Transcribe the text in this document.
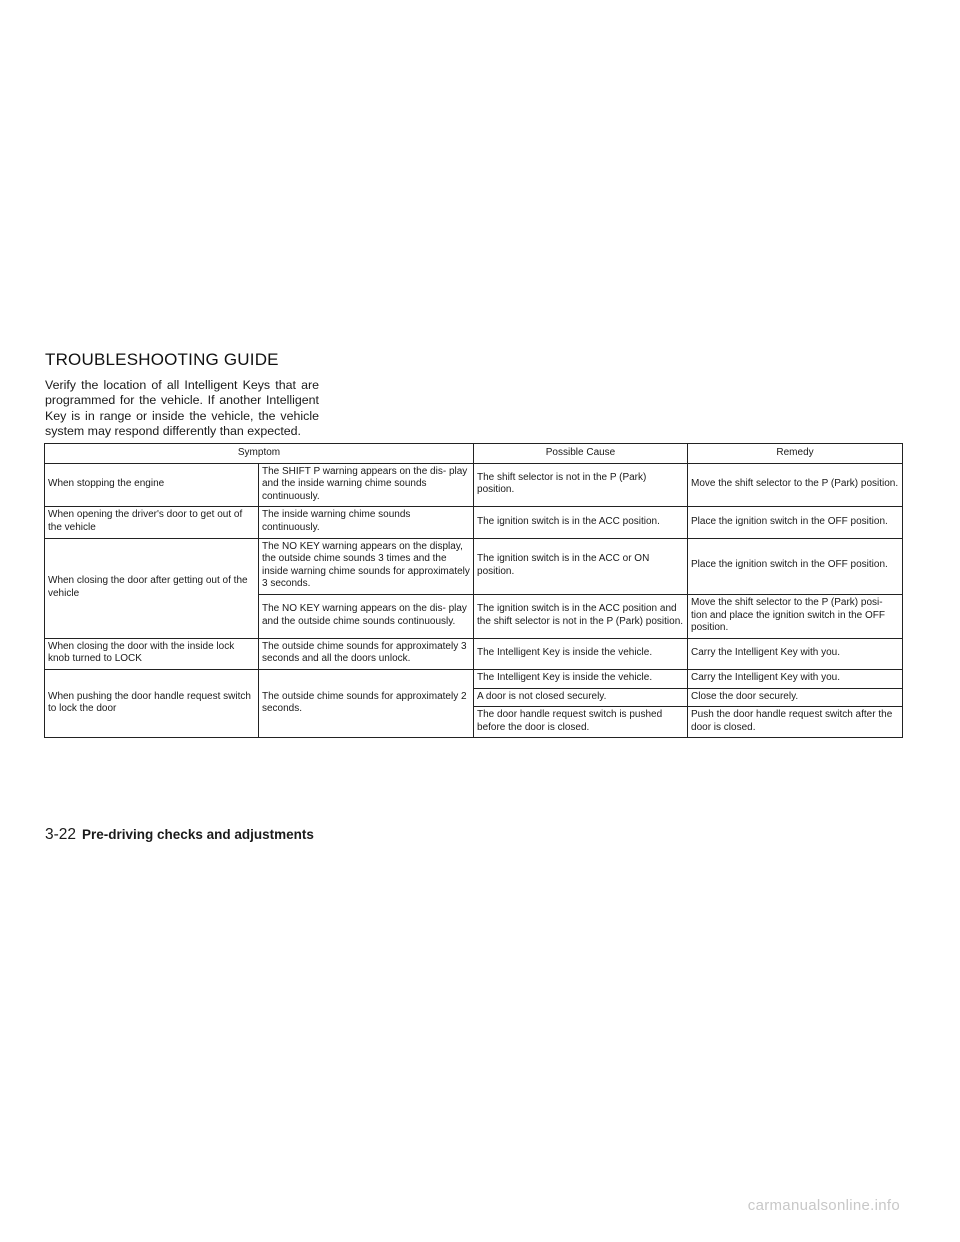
TROUBLESHOOTING GUIDE

Verify the location of all Intelligent Keys that are programmed for the vehicle. If another Intelligent Key is in range or inside the vehicle, the vehicle system may respond differently than expected.

Symptom		Possible Cause	Remedy
When stopping the engine	The SHIFT P warning appears on the dis- play and the inside warning chime sounds continuously.	The shift selector is not in the P (Park) position.	Move the shift selector to the P (Park) position.
When opening the driver's door to get out of the vehicle	The inside warning chime sounds continuously.	The ignition switch is in the ACC position.	Place the ignition switch in the OFF position.
When closing the door after getting out of the vehicle	The NO KEY warning appears on the display, the outside chime sounds 3 times and the inside warning chime sounds for approximately 3 seconds.	The ignition switch is in the ACC or ON position.	Place the ignition switch in the OFF position.
	The NO KEY warning appears on the dis- play and the outside chime sounds continuously.	The ignition switch is in the ACC position and the shift selector is not in the P (Park) position.	Move the shift selector to the P (Park) posi- tion and place the ignition switch in the OFF position.
When closing the door with the inside lock knob turned to LOCK	The outside chime sounds for approximately 3 seconds and all the doors unlock.	The Intelligent Key is inside the vehicle.	Carry the Intelligent Key with you.
When pushing the door handle request switch to lock the door	The outside chime sounds for approximately 2 seconds.	The Intelligent Key is inside the vehicle.	Carry the Intelligent Key with you.
		A door is not closed securely.	Close the door securely.
		The door handle request switch is pushed before the door is closed.	Push the door handle request switch after the door is closed.
3-22 Pre-driving checks and adjustments
carmanualsonline.info
